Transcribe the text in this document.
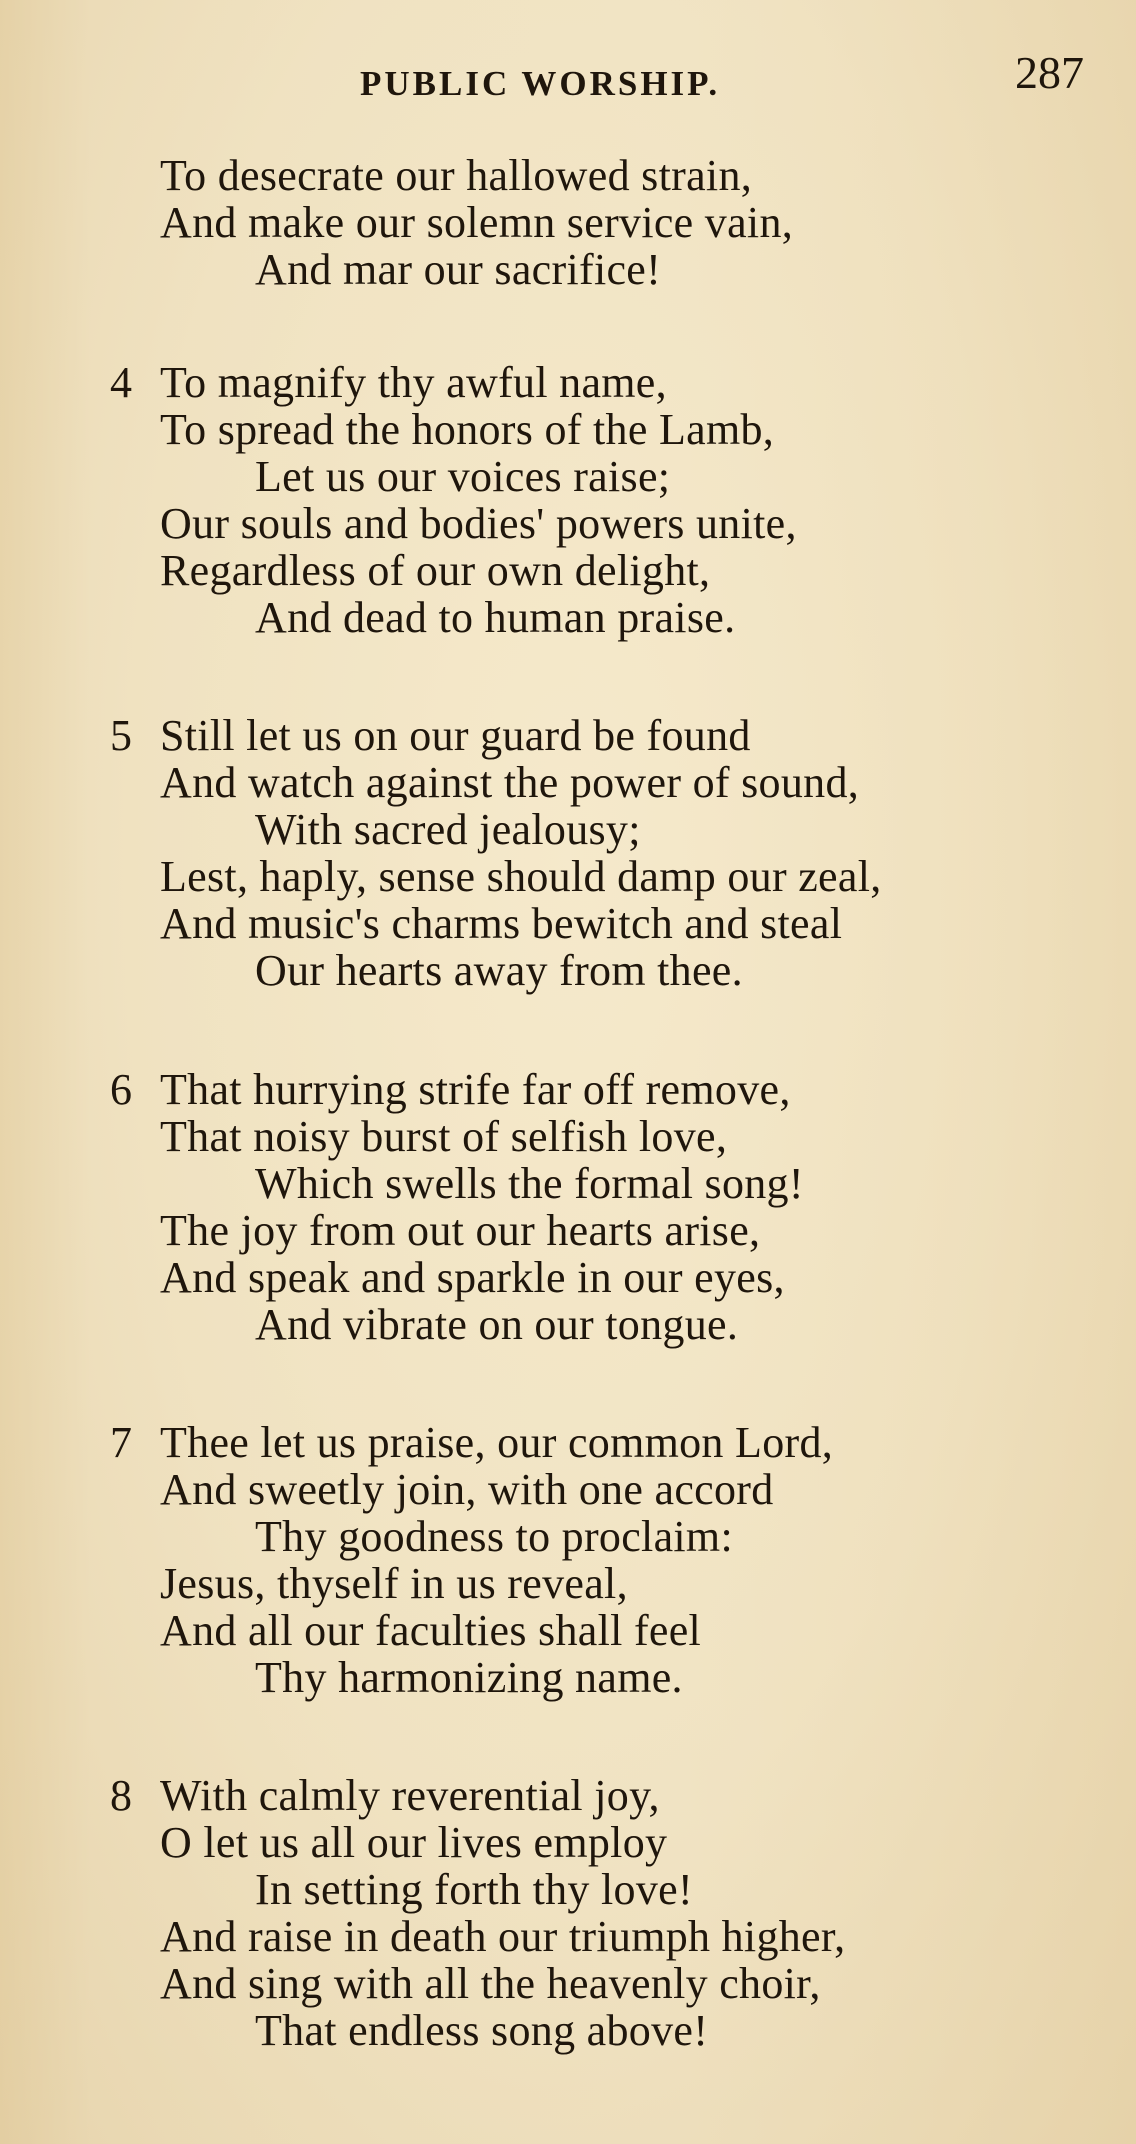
PUBLIC WORSHIP.	287
To desecrate our hallowed strain,
And make our solemn service vain,
And mar our sacrifice!
4 To magnify thy awful name,
To spread the honors of the Lamb,
Let us our voices raise;
Our souls and bodies' powers unite,
Regardless of our own delight,
And dead to human praise.
5 Still let us on our guard be found
And watch against the power of sound,
With sacred jealousy;
Lest, haply, sense should damp our zeal,
And music's charms bewitch and steal
Our hearts away from thee.
6 That hurrying strife far off remove,
That noisy burst of selfish love,
Which swells the formal song!
The joy from out our hearts arise,
And speak and sparkle in our eyes,
And vibrate on our tongue.
7 Thee let us praise, our common Lord,
And sweetly join, with one accord
Thy goodness to proclaim:
Jesus, thyself in us reveal,
And all our faculties shall feel
Thy harmonizing name.
8 With calmly reverential joy,
O let us all our lives employ
In setting forth thy love!
And raise in death our triumph higher,
And sing with all the heavenly choir,
That endless song above!
